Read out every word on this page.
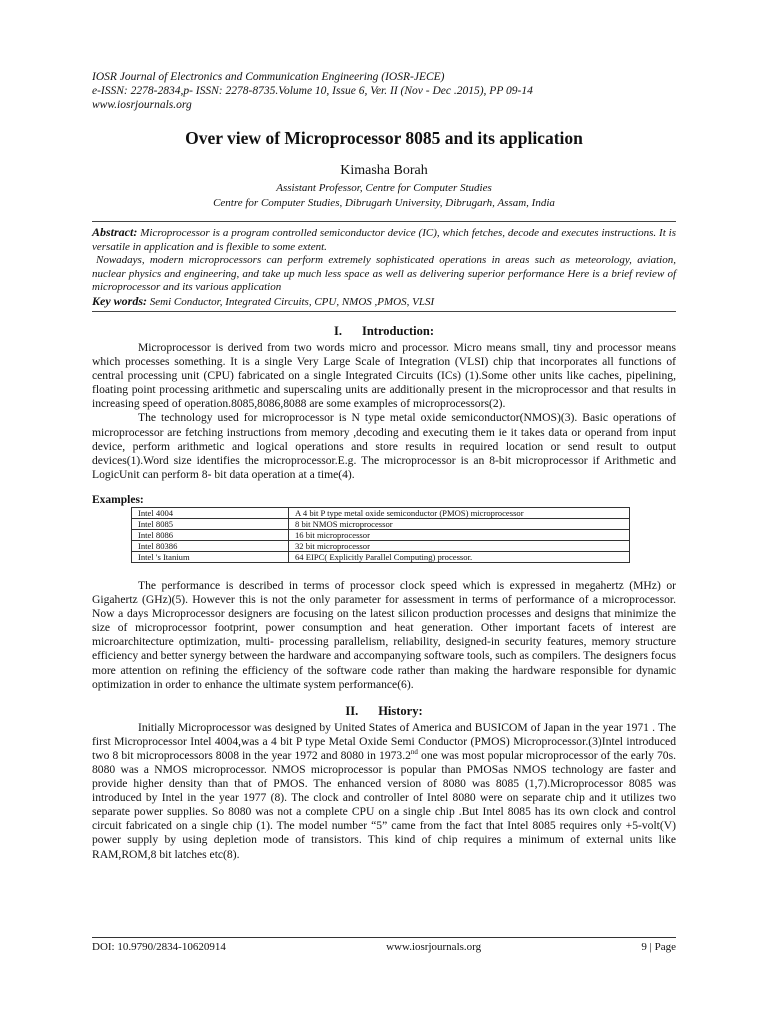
IOSR Journal of Electronics and Communication Engineering (IOSR-JECE)
e-ISSN: 2278-2834,p- ISSN: 2278-8735.Volume 10, Issue 6, Ver. II (Nov - Dec .2015), PP 09-14
www.iosrjournals.org
Over view of Microprocessor 8085 and its application
Kimasha Borah
Assistant Professor, Centre for Computer Studies
Centre for Computer Studies, Dibrugarh University, Dibrugarh, Assam, India

Abstract: Microprocessor is a program controlled semiconductor device (IC), which fetches, decode and executes instructions. It is versatile in application and is flexible to some extent.

Nowadays, modern microprocessors can perform extremely sophisticated operations in areas such as meteorology, aviation, nuclear physics and engineering, and take up much less space as well as delivering superior performance Here is a brief review of microprocessor and its various application

Key words: Semi Conductor, Integrated Circuits, CPU, NMOS ,PMOS, VLSI

I. Introduction:

Microprocessor is derived from two words micro and processor. Micro means small, tiny and processor means which processes something. It is a single Very Large Scale of Integration (VLSI) chip that incorporates all functions of central processing unit (CPU) fabricated on a single Integrated Circuits (ICs) (1).Some other units like caches, pipelining, floating point processing arithmetic and superscaling units are additionally present in the microprocessor and that results in increasing speed of operation.8085,8086,8088 are some examples of microprocessors(2).

The technology used for microprocessor is N type metal oxide semiconductor(NMOS)(3). Basic operations of microprocessor are fetching instructions from memory ,decoding and executing them ie it takes data or operand from input device, perform arithmetic and logical operations and store results in required location or send result to output devices(1).Word size identifies the microprocessor.E.g. The microprocessor is an 8-bit microprocessor if Arithmetic and LogicUnit can perform 8- bit data operation at a time(4).

Examples:
Intel 4004	A 4 bit P type metal oxide semiconductor (PMOS) microprocessor
Intel 8085	8 bit NMOS microprocessor
Intel 8086	16 bit microprocessor
Intel 80386	32 bit microprocessor
Intel 's Itanium	64 EIPC( Explicitly Parallel Computing) processor.

The performance is described in terms of processor clock speed which is expressed in megahertz (MHz) or Gigahertz (GHz)(5). However this is not the only parameter for assessment in terms of performance of a microprocessor. Now a days Microprocessor designers are focusing on the latest silicon production processes and designs that minimize the size of microprocessor footprint, power consumption and heat generation. Other important facets of interest are microarchitecture optimization, multi- processing parallelism, reliability, designed-in security features, memory structure efficiency and better synergy between the hardware and accompanying software tools, such as compilers. The designers focus more attention on refining the efficiency of the software code rather than making the hardware responsible for dynamic optimization in order to enhance the ultimate system performance(6).

II. History:

Initially Microprocessor was designed by United States of America and BUSICOM of Japan in the year 1971 . The first Microprocessor Intel 4004,was a 4 bit P type Metal Oxide Semi Conductor (PMOS) Microprocessor.(3)Intel introduced two 8 bit microprocessors 8008 in the year 1972 and 8080 in 1973.2nd one was most popular microprocessor of the early 70s. 8080 was a NMOS microprocessor. NMOS microprocessor is popular than PMOSas NMOS technology are faster and provide higher density than that of PMOS. The enhanced version of 8080 was 8085 (1,7).Microprocessor 8085 was introduced by Intel in the year 1977 (8). The clock and controller of Intel 8080 were on separate chip and it utilizes two separate power supplies. So 8080 was not a complete CPU on a single chip .But Intel 8085 has its own clock and control circuit fabricated on a single chip (1). The model number “5” came from the fact that Intel 8085 requires only +5-volt(V) power supply by using depletion mode of transistors. This kind of chip requires a minimum of external units like RAM,ROM,8 bit latches etc(8).

DOI: 10.9790/2834-10620914	www.iosrjournals.org	9 | Page
